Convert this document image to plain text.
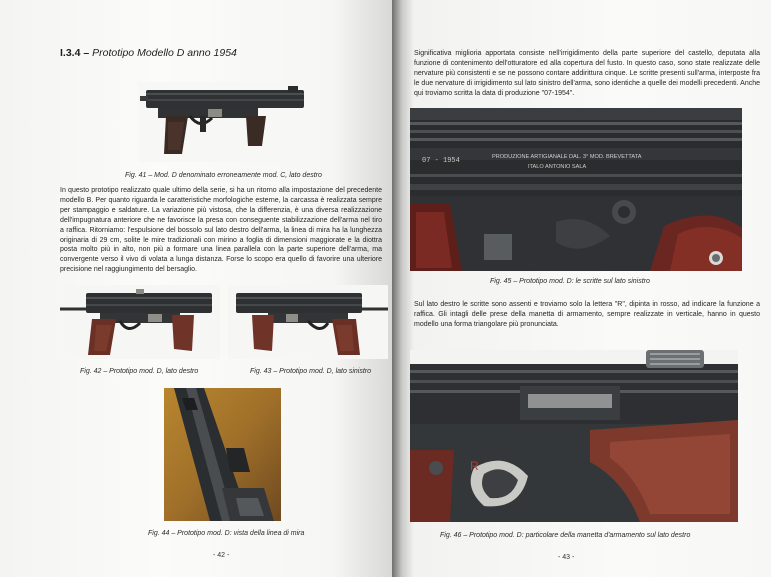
I.3.4 – Prototipo Modello D anno 1954
Fig. 41 – Mod. D denominato erroneamente mod. C, lato destro

In questo prototipo realizzato quale ultimo della serie, si ha un ritorno alla impostazione del precedente modello B. Per quanto riguarda le caratteristiche morfologiche esterne, la carcassa è realizzata sempre per stampaggio e saldature. La variazione più vistosa, che la differenzia, è una diversa realizzazione dell'impugnatura anteriore che ne favorisce la presa con conseguente stabilizzazione dell'arma nel tiro a raffica. Ritorniamo: l'espulsione del bossolo sul lato destro dell'arma, la linea di mira ha la lunghezza originaria di 29 cm, solite le mire tradizionali con mirino a foglia di dimensioni maggiorate e la diottra posta molto più in alto, non più a formare una linea parallela con la parte superiore dell'arma, ma convergente verso il vivo di volata a lunga distanza. Forse lo scopo era quello di favorire una ulteriore precisione nel raggiungimento del bersaglio.

Fig. 42 – Prototipo mod. D, lato destro	Fig. 43 – Prototipo mod. D, lato sinistro
Fig. 44 – Prototipo mod. D: vista della linea di mira
- 42 -

Significativa miglioria apportata consiste nell'irrigidimento della parte superiore del castello, deputata alla funzione di contenimento dell'otturatore ed alla copertura del fusto. In questo caso, sono state realizzate delle nervature più consistenti e se ne possono contare addirittura cinque. Le scritte presenti sull'arma, interposte fra le due nervature di irrigidimento sul lato sinistro dell'arma, sono identiche a quelle dei modelli precedenti. Anche qui troviamo scritta la data di produzione "07-1954".

07 - 1954	PRODUZIONE ARTIGIANALE DAL. 3° MOD. BREVETTATA
ITALO ANTONIO SALA
Fig. 45 – Prototipo mod. D: le scritte sul lato sinistro

Sul lato destro le scritte sono assenti e troviamo solo la lettera "R", dipinta in rosso, ad indicare la funzione a raffica. Gli intagli delle prese della manetta di armamento, sempre realizzate in verticale, hanno in questo modello una forma triangolare più pronunciata.

R
Fig. 46 – Prototipo mod. D: particolare della manetta d'armamento sul lato destro
- 43 -
